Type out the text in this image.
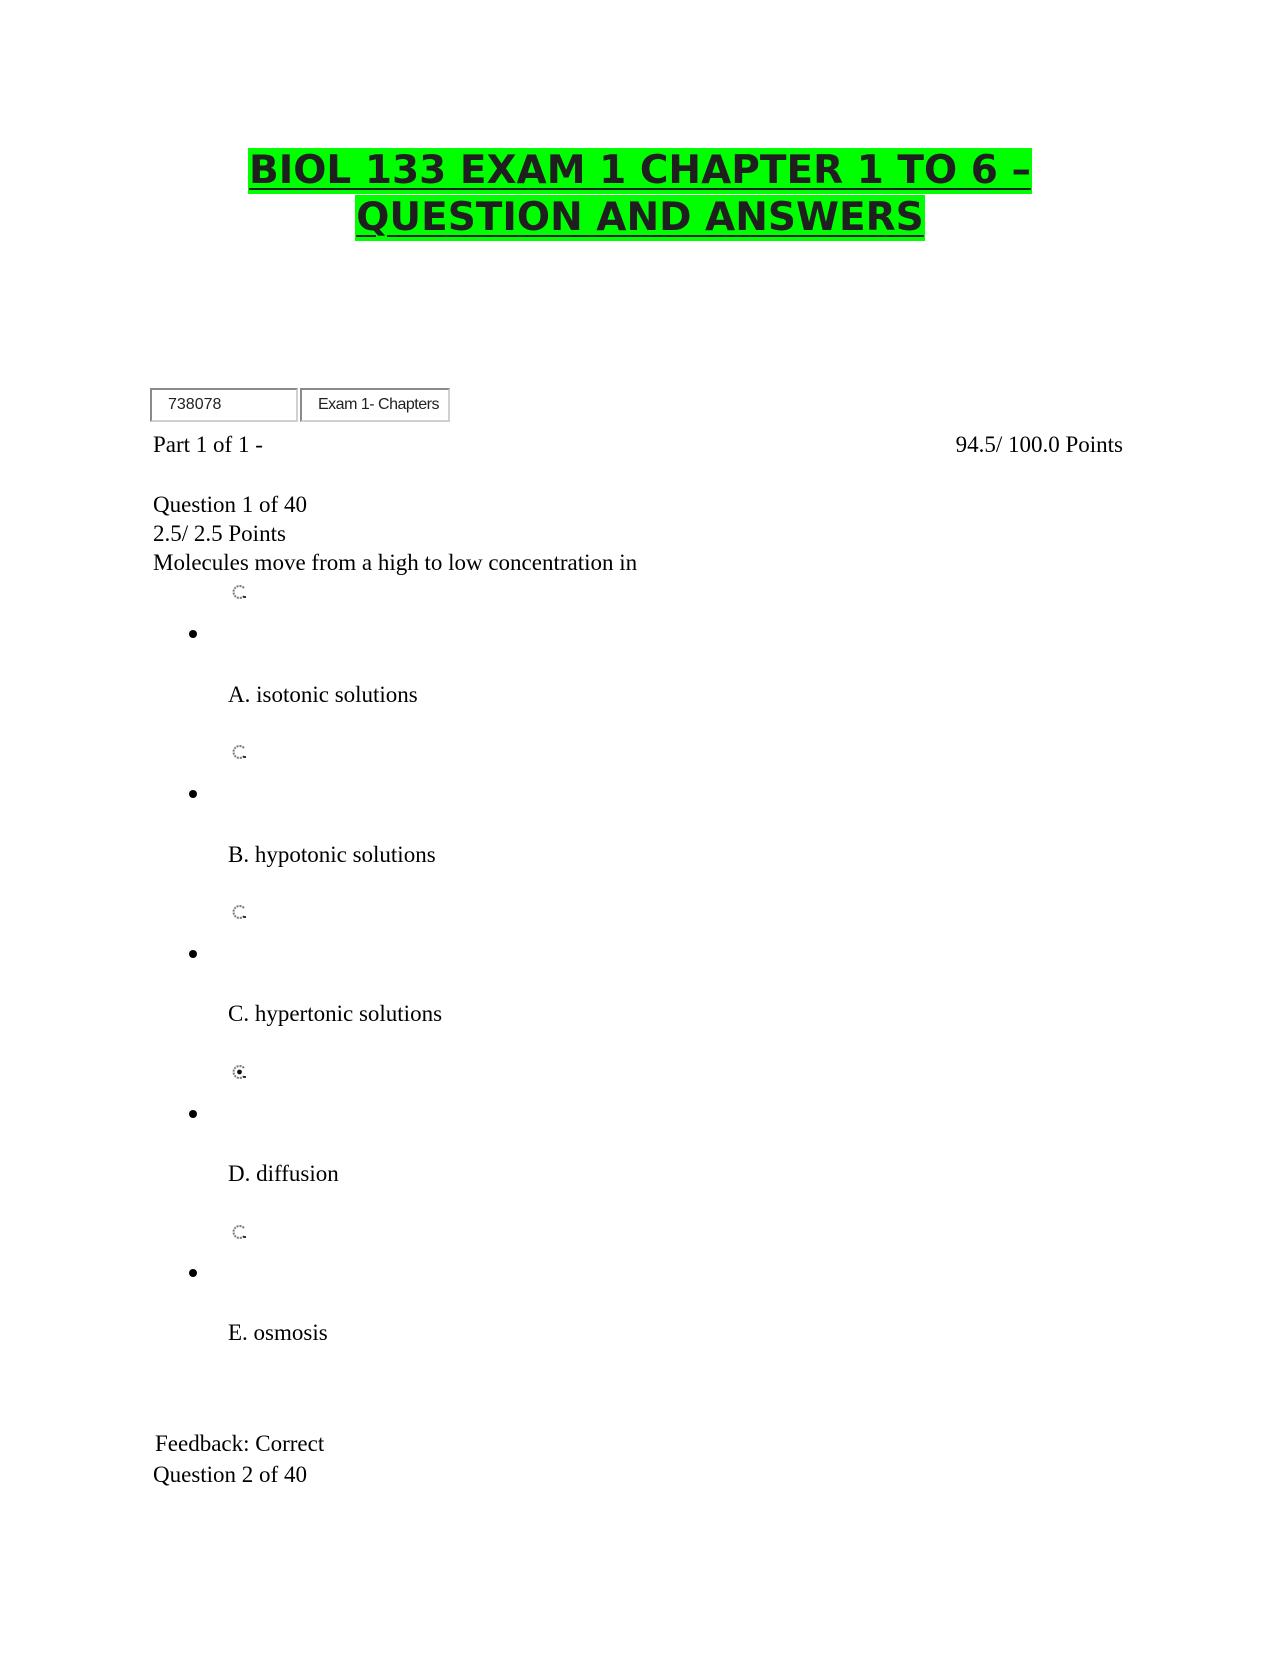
BIOL 133 EXAM 1 CHAPTER 1 TO 6 –
QUESTION AND ANSWERS
738078	Exam 1- Chapters
Part 1 of 1 -	94.5/ 100.0 Points
Question 1 of 40
2.5/ 2.5 Points
Molecules move from a high to low concentration in
A. isotonic solutions
B. hypotonic solutions
C. hypertonic solutions
D. diffusion
E. osmosis
Feedback: Correct
Question 2 of 40
